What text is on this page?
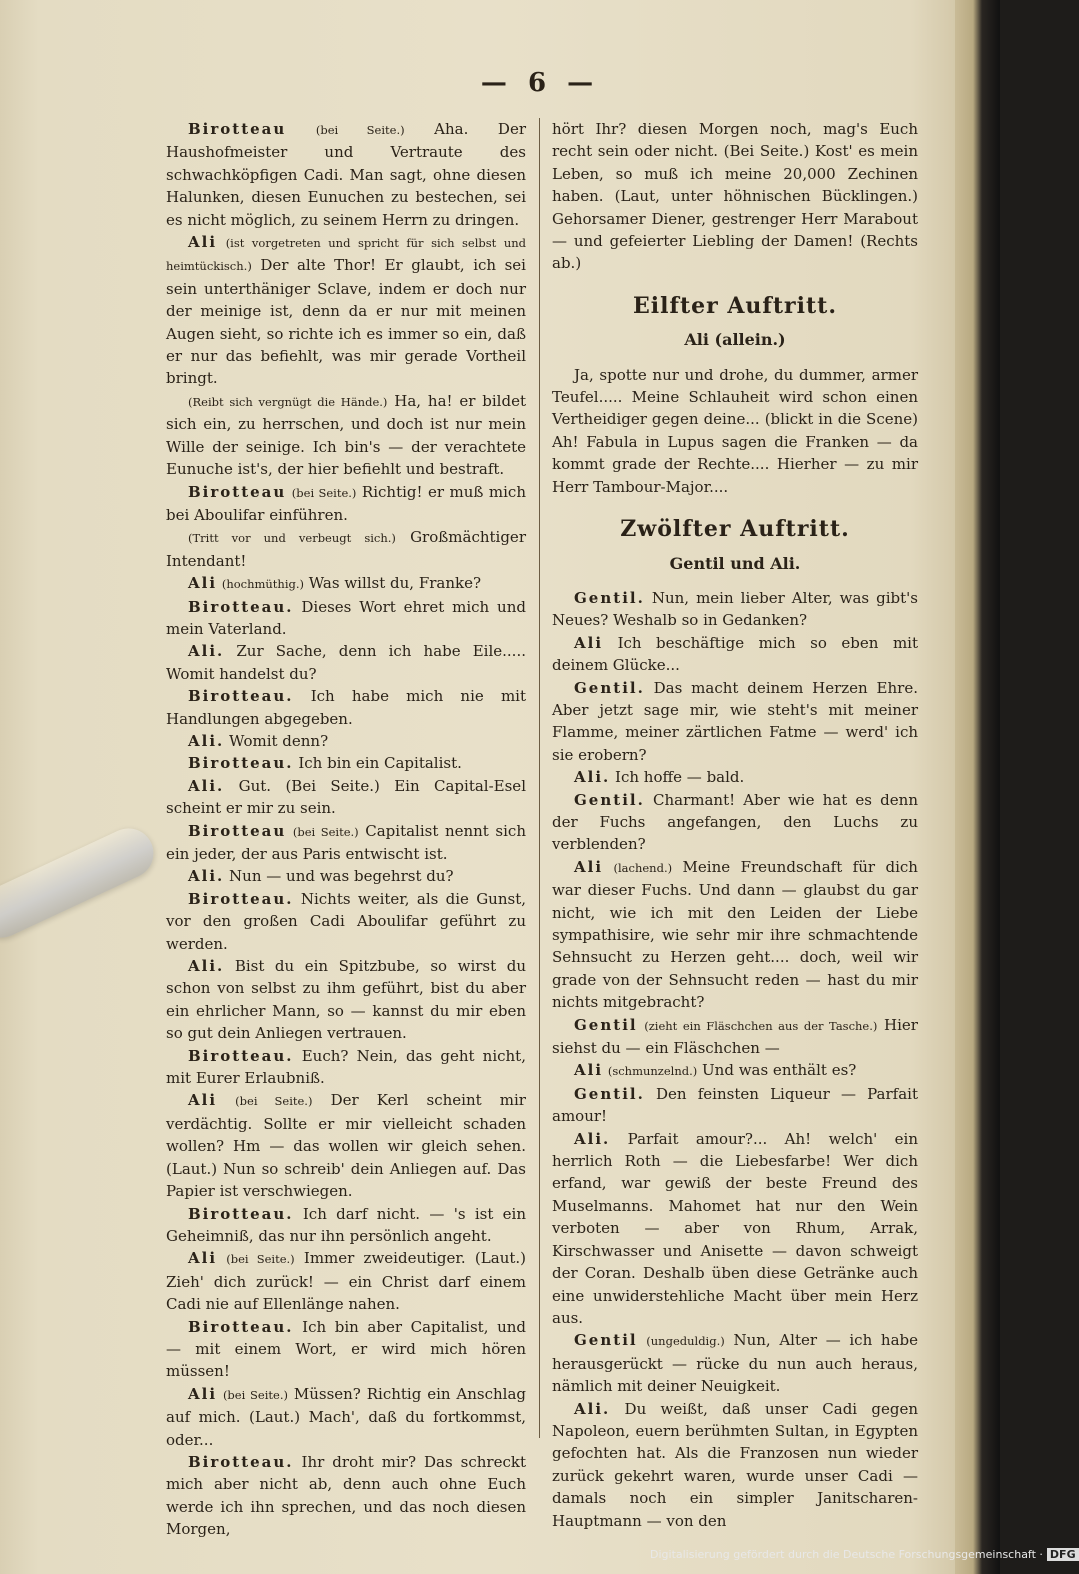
— 6 —

Birotteau	(bei Seite.) Aha. Der Haushofmeister und Vertraute des schwachköpfigen Cadi. Man sagt, ohne diesen Halunken, diesen Eunuchen zu bestechen, sei es nicht möglich, zu seinem Herrn zu dringen.

Ali (ist vorgetreten und spricht für sich selbst und heimtückisch.) Der alte Thor! Er glaubt, ich sei sein unterthäniger Sclave, indem er doch nur der meinige ist, denn da er nur mit meinen Augen sieht, so richte ich es immer so ein, daß er nur das befiehlt, was mir gerade Vortheil bringt.

(Reibt sich vergnügt die Hände.) Ha, ha! er bildet sich ein, zu herrschen, und doch ist nur mein Wille der seinige. Ich bin's — der verachtete Eunuche ist's, der hier befiehlt und bestraft.

Birotteau (bei Seite.) Richtig! er muß mich bei Aboulifar einführen.

(Tritt vor und verbeugt sich.) Großmächtiger Intendant!

Ali (hochmüthig.) Was willst du, Franke?

Birotteau. Dieses Wort ehret mich und mein Vaterland.

Ali. Zur Sache, denn ich habe Eile..... Womit handelst du?

Birotteau. Ich habe mich nie mit Handlungen abgegeben.

Ali. Womit denn?

Birotteau. Ich bin ein Capitalist.

Ali. Gut. (Bei Seite.) Ein Capital-Esel scheint er mir zu sein.

Birotteau (bei Seite.) Capitalist nennt sich ein jeder, der aus Paris entwischt ist.

Ali. Nun — und was begehrst du?

Birotteau. Nichts weiter, als die Gunst, vor den großen Cadi Aboulifar geführt zu werden.

Ali. Bist du ein Spitzbube, so wirst du schon von selbst zu ihm geführt, bist du aber ein ehrlicher Mann, so — kannst du mir eben so gut dein Anliegen vertrauen.

Birotteau. Euch? Nein, das geht nicht, mit Eurer Erlaubniß.

Ali (bei Seite.) Der Kerl scheint mir verdächtig. Sollte er mir vielleicht schaden wollen? Hm — das wollen wir gleich sehen. (Laut.) Nun so schreib' dein Anliegen auf. Das Papier ist verschwiegen.

Birotteau. Ich darf nicht. — 's ist ein Geheimniß, das nur ihn persönlich angeht.

Ali (bei Seite.) Immer zweideutiger. (Laut.) Zieh' dich zurück! — ein Christ darf einem Cadi nie auf Ellenlänge nahen.

Birotteau. Ich bin aber Capitalist, und — mit einem Wort, er wird mich hören müssen!

Ali (bei Seite.) Müssen? Richtig ein Anschlag auf mich. (Laut.) Mach', daß du fortkommst, oder...

Birotteau. Ihr droht mir? Das schreckt mich aber nicht ab, denn auch ohne Euch werde ich ihn sprechen, und das noch diesen Morgen,

hört Ihr? diesen Morgen noch, mag's Euch recht sein oder nicht. (Bei Seite.) Kost' es mein Leben, so muß ich meine 20,000 Zechinen haben. (Laut, unter höhnischen Bücklingen.) Gehorsamer Diener, gestrenger Herr Marabout — und gefeierter Liebling der Damen! (Rechts ab.)

Eilfter Auftritt.

Ali (allein.)

Ja, spotte nur und drohe, du dummer, armer Teufel..... Meine Schlauheit wird schon einen Vertheidiger gegen deine... (blickt in die Scene) Ah! Fabula in Lupus sagen die Franken — da kommt grade der Rechte.... Hierher — zu mir Herr Tambour-Major....

Zwölfter Auftritt.

Gentil und Ali.

Gentil. Nun, mein lieber Alter, was gibt's Neues? Weshalb so in Gedanken?

Ali Ich beschäftige mich so eben mit deinem Glücke...

Gentil. Das macht deinem Herzen Ehre. Aber jetzt sage mir, wie steht's mit meiner Flamme, meiner zärtlichen Fatme — werd' ich sie erobern?

Ali. Ich hoffe — bald.

Gentil. Charmant! Aber wie hat es denn der Fuchs angefangen, den Luchs zu verblenden?

Ali (lachend.) Meine Freundschaft für dich war dieser Fuchs. Und dann — glaubst du gar nicht, wie ich mit den Leiden der Liebe sympathisire, wie sehr mir ihre schmachtende Sehnsucht zu Herzen geht.... doch, weil wir grade von der Sehnsucht reden — hast du mir nichts mitgebracht?

Gentil (zieht ein Fläschchen aus der Tasche.) Hier siehst du — ein Fläschchen —

Ali (schmunzelnd.) Und was enthält es?

Gentil. Den feinsten Liqueur — Parfait amour!

Ali. Parfait amour?... Ah! welch' ein herrlich Roth — die Liebesfarbe! Wer dich erfand, war gewiß der beste Freund des Muselmanns. Mahomet hat nur den Wein verboten — aber von Rhum, Arrak, Kirschwasser und Anisette — davon schweigt der Coran. Deshalb üben diese Getränke auch eine unwiderstehliche Macht über mein Herz aus.

Gentil (ungeduldig.) Nun, Alter — ich habe herausgerückt — rücke du nun auch heraus, nämlich mit deiner Neuigkeit.

Ali. Du weißt, daß unser Cadi gegen Napoleon, euern berühmten Sultan, in Egypten gefochten hat. Als die Franzosen nun wieder zurück gekehrt waren, wurde unser Cadi — damals noch ein simpler Janitscharen-Hauptmann — von den

Digitalisierung gefördert durch die Deutsche Forschungsgemeinschaft · DFG
